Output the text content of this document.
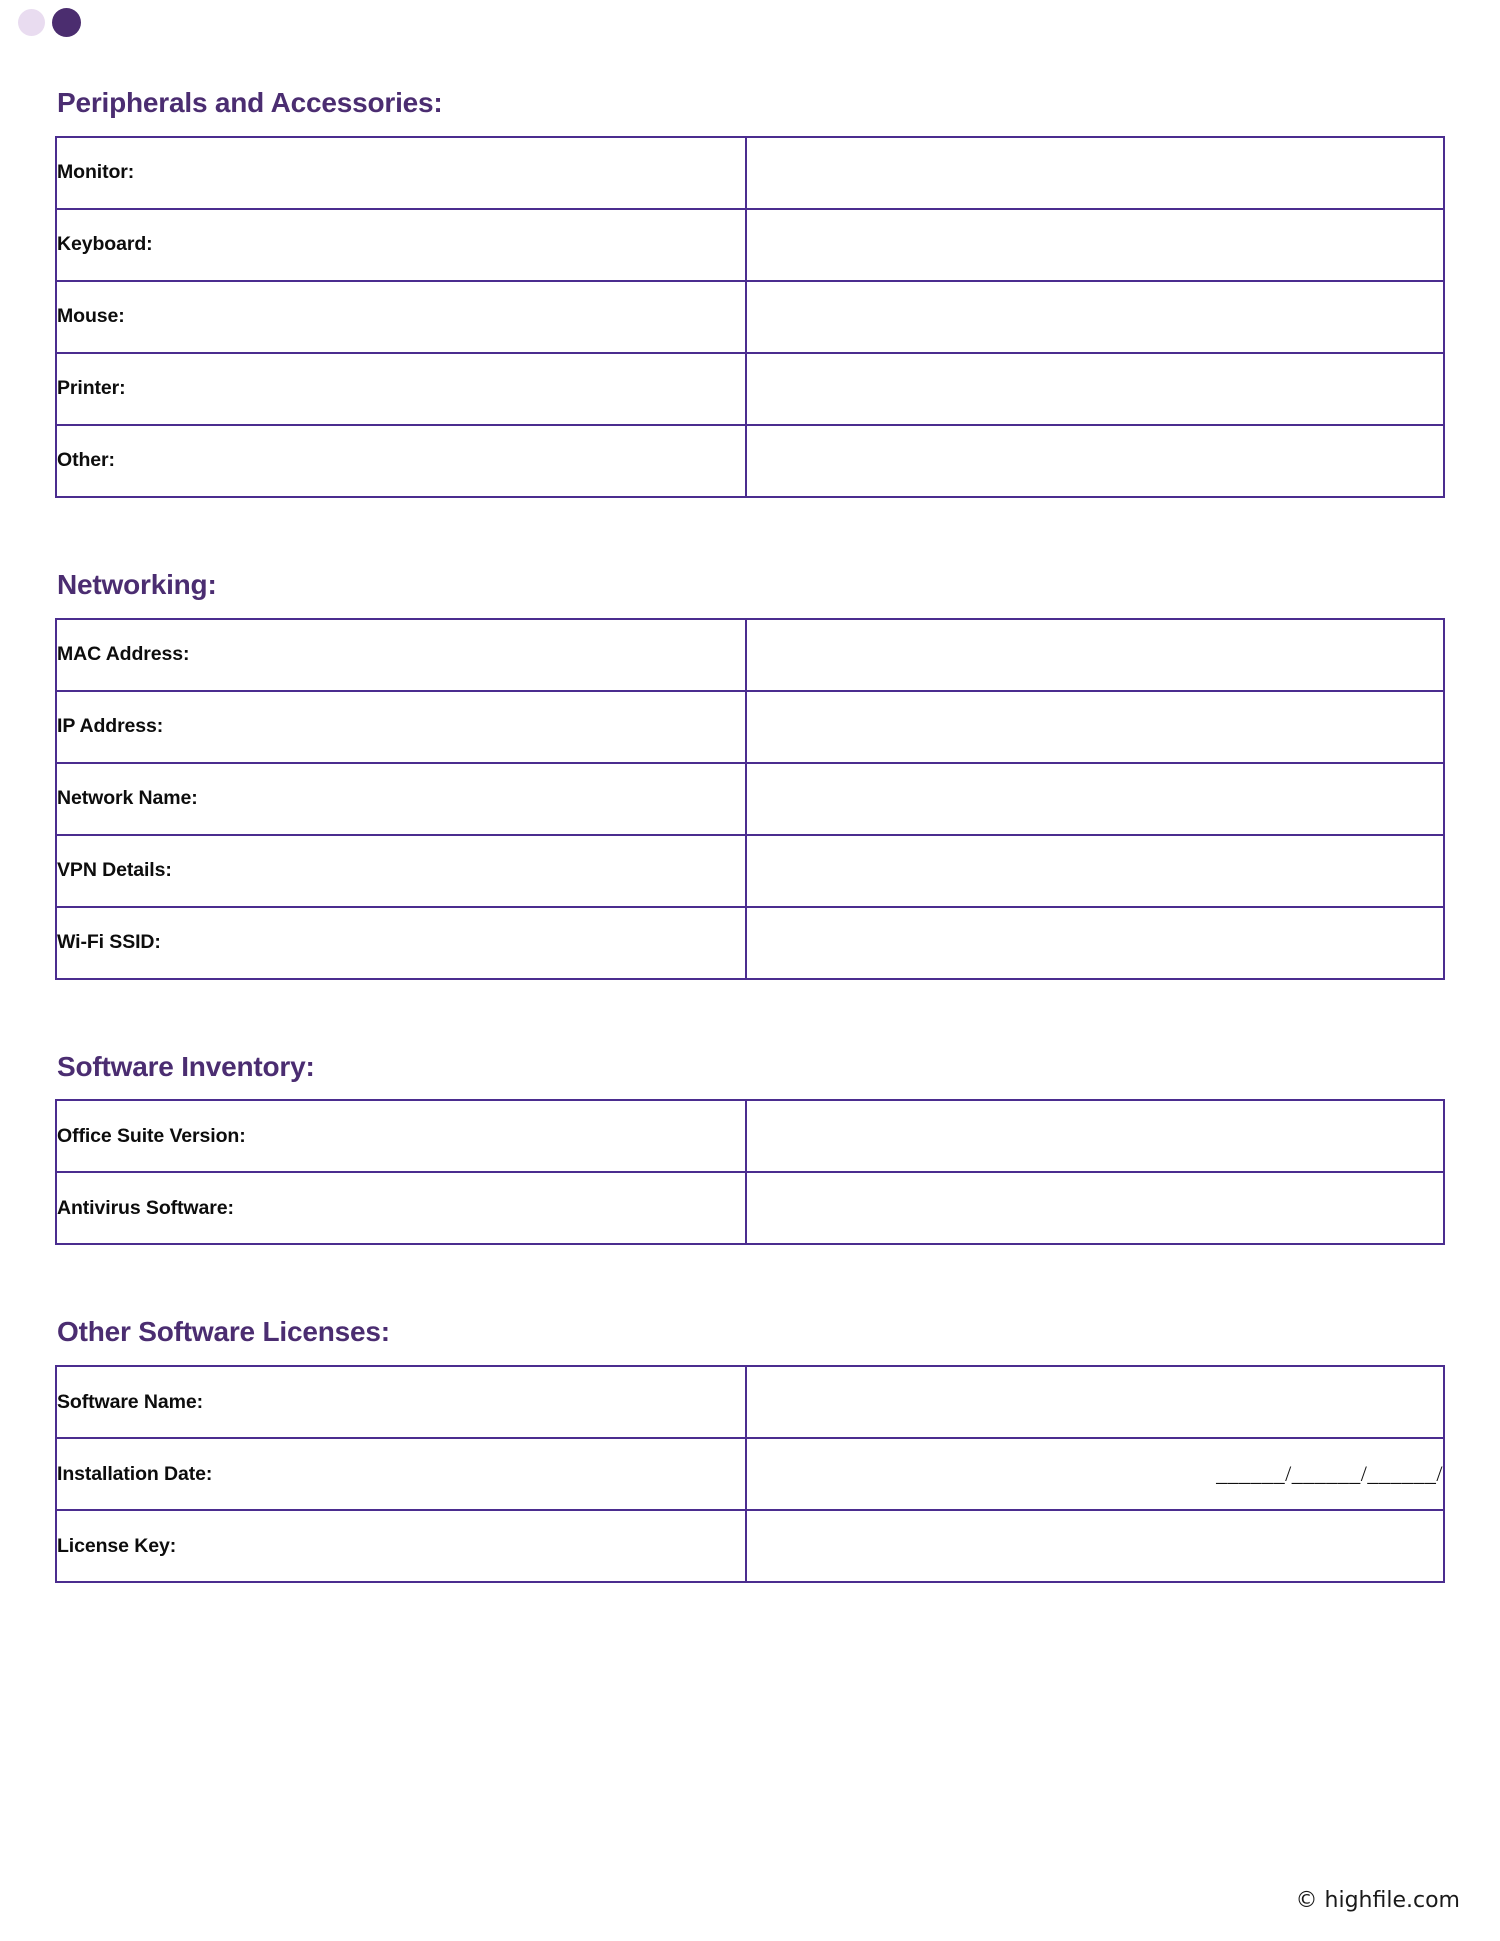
Peripherals and Accessories:
Monitor:	
Keyboard:	
Mouse:	
Printer:	
Other:	
Networking:
MAC Address:	
IP Address:	
Network Name:	
VPN Details:	
Wi-Fi SSID:	
Software Inventory:
Office Suite Version:	
Antivirus Software:	
Other Software Licenses:
Software Name:	
Installation Date:	______/______/______/
License Key:	
© highfile.com
